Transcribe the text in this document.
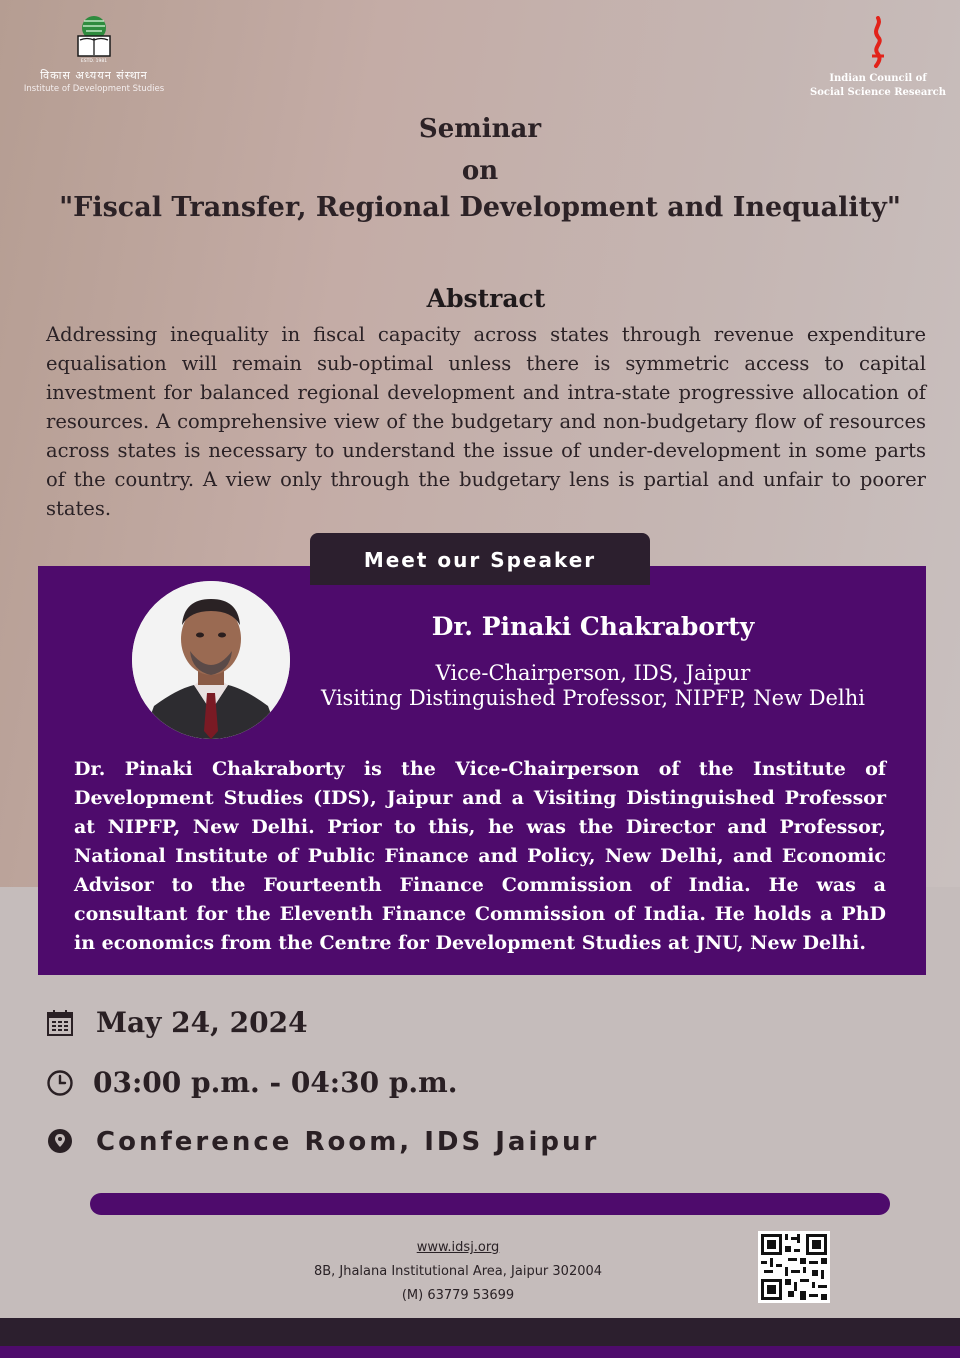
ESTD. 1981
विकास अध्ययन संस्थान
Institute of Development Studies
Indian Council of
Social Science Research
Seminar
on
"Fiscal Transfer, Regional Development and Inequality"
Abstract
Addressing inequality in fiscal capacity across states through revenue expenditure equalisation will remain sub-optimal unless there is symmetric access to capital investment for balanced regional development and intra-state progressive allocation of resources. A comprehensive view of the budgetary and non-budgetary flow of resources across states is necessary to understand the issue of under-development in some parts of the country. A view only through the budgetary lens is partial and unfair to poorer states.
Meet our Speaker
Dr. Pinaki Chakraborty
Vice-Chairperson, IDS, Jaipur
Visiting Distinguished Professor, NIPFP, New Delhi
Dr. Pinaki Chakraborty is the Vice-Chairperson of the Institute of Development Studies (IDS), Jaipur and a Visiting Distinguished Professor at NIPFP, New Delhi. Prior to this, he was the Director and Professor, National Institute of Public Finance and Policy, New Delhi, and Economic Advisor to the Fourteenth Finance Commission of India. He was a consultant for the Eleventh Finance Commission of India. He holds a PhD in economics from the Centre for Development Studies at JNU, New Delhi.
May 24, 2024
03:00 p.m. - 04:30 p.m.
Conference Room, IDS Jaipur
www.idsj.org
8B, Jhalana Institutional Area, Jaipur 302004
(M) 63779 53699
